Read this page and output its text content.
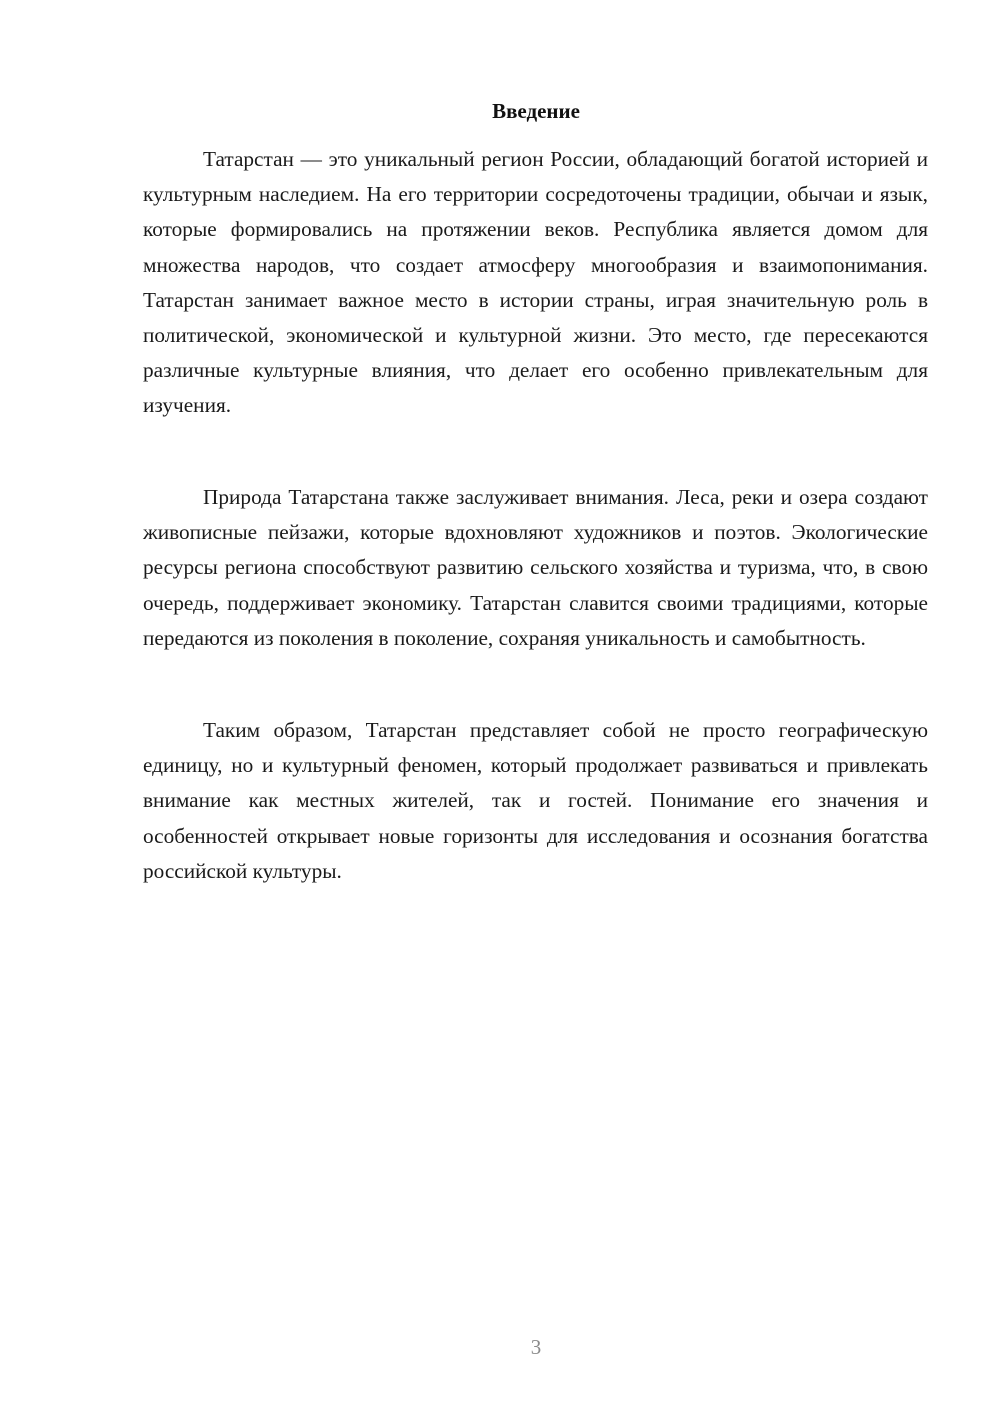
Введение

Татарстан — это уникальный регион России, обладающий богатой историей и культурным наследием. На его территории сосредоточены традиции, обычаи и язык, которые формировались на протяжении веков. Республика является домом для множества народов, что создает атмосферу многообразия и взаимопонимания. Татарстан занимает важное место в истории страны, играя значительную роль в политической, экономической и культурной жизни. Это место, где пересекаются различные культурные влияния, что делает его особенно привлекательным для изучения.

Природа Татарстана также заслуживает внимания. Леса, реки и озера создают живописные пейзажи, которые вдохновляют художников и поэтов. Экологические ресурсы региона способствуют развитию сельского хозяйства и туризма, что, в свою очередь, поддерживает экономику. Татарстан славится своими традициями, которые передаются из поколения в поколение, сохраняя уникальность и самобытность.

Таким образом, Татарстан представляет собой не просто географическую единицу, но и культурный феномен, который продолжает развиваться и привлекать внимание как местных жителей, так и гостей. Понимание его значения и особенностей открывает новые горизонты для исследования и осознания богатства российской культуры.

3
